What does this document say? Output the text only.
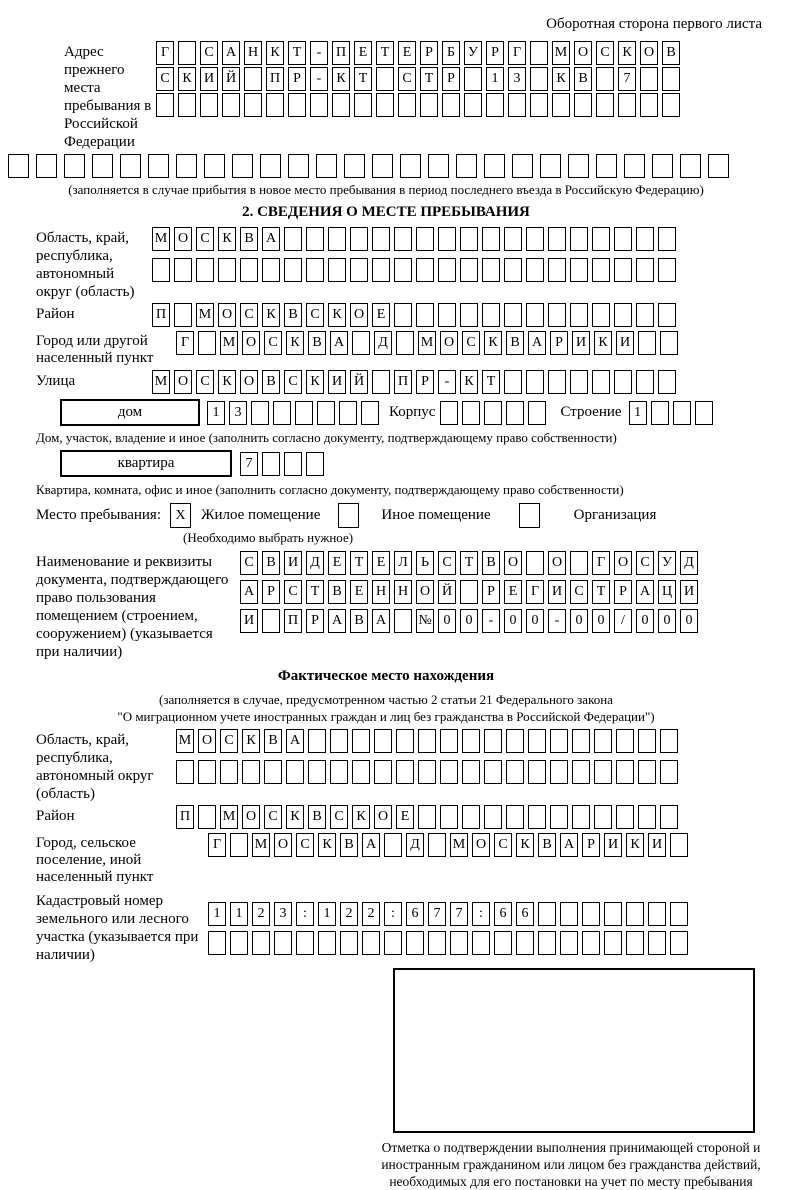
Оборотная сторона первого листа
Адрес прежнего места пребывания в Российской Федерации
Г	С А Н К Т	-	П Е Т Е Р	Б У Р	Г	М О С К О В
С К И Й П Р	-	К Т	С Т Р	1	3	К В	7
(заполняется в случае прибытия в новое место пребывания в период последнего въезда в Российскую Федерацию)
2. СВЕДЕНИЯ О МЕСТЕ ПРЕБЫВАНИЯ
Область, край, республика, автономный округ (область)
М О С К В А
Район	П М О С К В С К О Е
Город или другой населенный пункт
Г	М О С К В А	Д	М О С К В А Р И К И
Улица	М О С К О В С К И Й П Р	-	К Т
дом	1	3	Корпус	Строение 1
Дом, участок, владение и иное (заполнить согласно документу, подтверждающему право собственности)
квартира	7
Квартира, комната, офис и иное (заполнить согласно документу, подтверждающему право собственности)
Место пребывания:	X	Жилое помещение	Иное помещение	Организация
(Необходимо выбрать нужное)
Наименование и реквизиты документа, подтверждающего право пользования помещением (строением, сооружением) (указывается при наличии)
С В И Д Е Т Е Л Ь С Т В О О	Г О С У Д
А Р С Т В Е Н Н О Й	Р Е Г И С Т Р А Ц И
И П Р А В А № 0	0	-	0	0	-	0	0	/	0	0	0
Фактическое место нахождения
(заполняется в случае, предусмотренном частью 2 статьи 21 Федерального закона
"О миграционном учете иностранных граждан и лиц без гражданства в Российской Федерации")
Область, край, республика, автономный округ (область)
М О С К В А
Район	П М О С К В С К О Е
Город, сельское поселение, иной населенный пункт
Г	М О С К В А	Д	М О С К В А Р И К И
Кадастровый номер земельного или лесного участка (указывается при наличии)
1	1	2	3	:	1	2	2	:	6	7	7	:	6	6
Отметка о подтверждении выполнения принимающей стороной и иностранным гражданином или лицом без гражданства действий, необходимых для его постановки на учет по месту пребывания
